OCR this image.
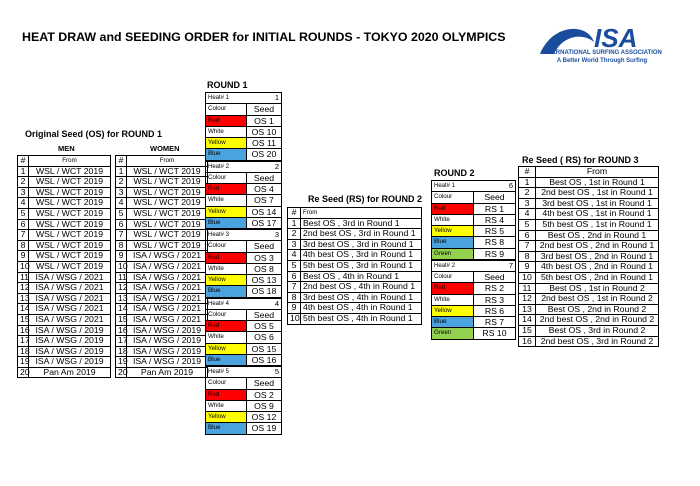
HEAT DRAW and SEEDING ORDER for INITIAL ROUNDS - TOKYO 2020 OLYMPICS	ISA
INTERNATIONAL SURFING ASSOCIATION
A Better World Through Surfing
Original Seed (OS) for ROUND 1
MEN	WOMEN
#	From		#	From
1	WSL / WCT 2019		1	WSL / WCT 2019
2	WSL / WCT 2019		2	WSL / WCT 2019
3	WSL / WCT 2019		3	WSL / WCT 2019
4	WSL / WCT 2019		4	WSL / WCT 2019
5	WSL / WCT 2019		5	WSL / WCT 2019
6	WSL / WCT 2019		6	WSL / WCT 2019
7	WSL / WCT 2019		7	WSL / WCT 2019
8	WSL / WCT 2019		8	WSL / WCT 2019
9	WSL / WCT 2019		9	ISA / WSG / 2021
10	WSL / WCT 2019		10	ISA / WSG / 2021
11	ISA / WSG / 2021		11	ISA / WSG / 2021
12	ISA / WSG / 2021		12	ISA / WSG / 2021
13	ISA / WSG / 2021		13	ISA / WSG / 2021
14	ISA / WSG / 2021		14	ISA / WSG / 2021
15	ISA / WSG / 2021		15	ISA / WSG / 2021
16	ISA / WSG / 2019		16	ISA / WSG / 2019
17	ISA / WSG / 2019		17	ISA / WSG / 2019
18	ISA / WSG / 2019		18	ISA / WSG / 2019
19	ISA / WSG / 2019		19	ISA / WSG / 2019
20	Pan Am 2019		20	Pan Am 2019
ROUND 1
Heat# 1	1
Colour	Seed
Red	OS 1
White	OS 10
Yellow	OS 11
Blue	OS 20
Heat# 2	2
Colour	Seed
Red	OS 4
White	OS 7
Yellow	OS 14
Blue	OS 17
Heat# 3	3
Colour	Seed
Red	OS 3
White	OS 8
Yellow	OS 13
Blue	OS 18
Heat# 4	4
Colour	Seed
Red	OS 5
White	OS 6
Yellow	OS 15
Blue	OS 16
Heat# 5	5
Colour	Seed
Red	OS 2
White	OS 9
Yellow	OS 12
Blue	OS 19
Re Seed (RS) for ROUND 2
#	From
1	Best OS , 3rd in Round 1
2	2nd best OS , 3rd in Round 1
3	3rd best OS , 3rd in Round 1
4	4th best OS , 3rd in Round 1
5	5th best OS , 3rd in Round 1
6	Best OS , 4th in Round 1
7	2nd best OS , 4th in Round 1
8	3rd best OS , 4th in Round 1
9	4th best OS , 4th in Round 1
10	5th best OS , 4th in Round 1
ROUND 2
Heat# 1	6
Colour	Seed
Red	RS 1
White	RS 4
Yellow	RS 5
Blue	RS 8
Green	RS 9
Heat# 2	7
Colour	Seed
Red	RS 2
White	RS 3
Yellow	RS 6
Blue	RS 7
Green	RS 10
Re Seed ( RS) for ROUND 3
#	From
1	Best OS , 1st in Round 1
2	2nd best OS , 1st in Round 1
3	3rd best OS , 1st in Round 1
4	4th best OS , 1st in Round 1
5	5th best OS , 1st in Round 1
6	Best OS , 2nd in Round 1
7	2nd best OS , 2nd in Round 1
8	3rd best OS , 2nd in Round 1
9	4th best OS , 2nd in Round 1
10	5th best OS , 2nd in Round 1
11	Best OS , 1st in Round 2
12	2nd best OS , 1st in Round 2
13	Best OS , 2nd in Round 2
14	2nd best OS , 2nd in Round 2
15	Best OS , 3rd in Round 2
16	2nd best OS , 3rd in Round 2
